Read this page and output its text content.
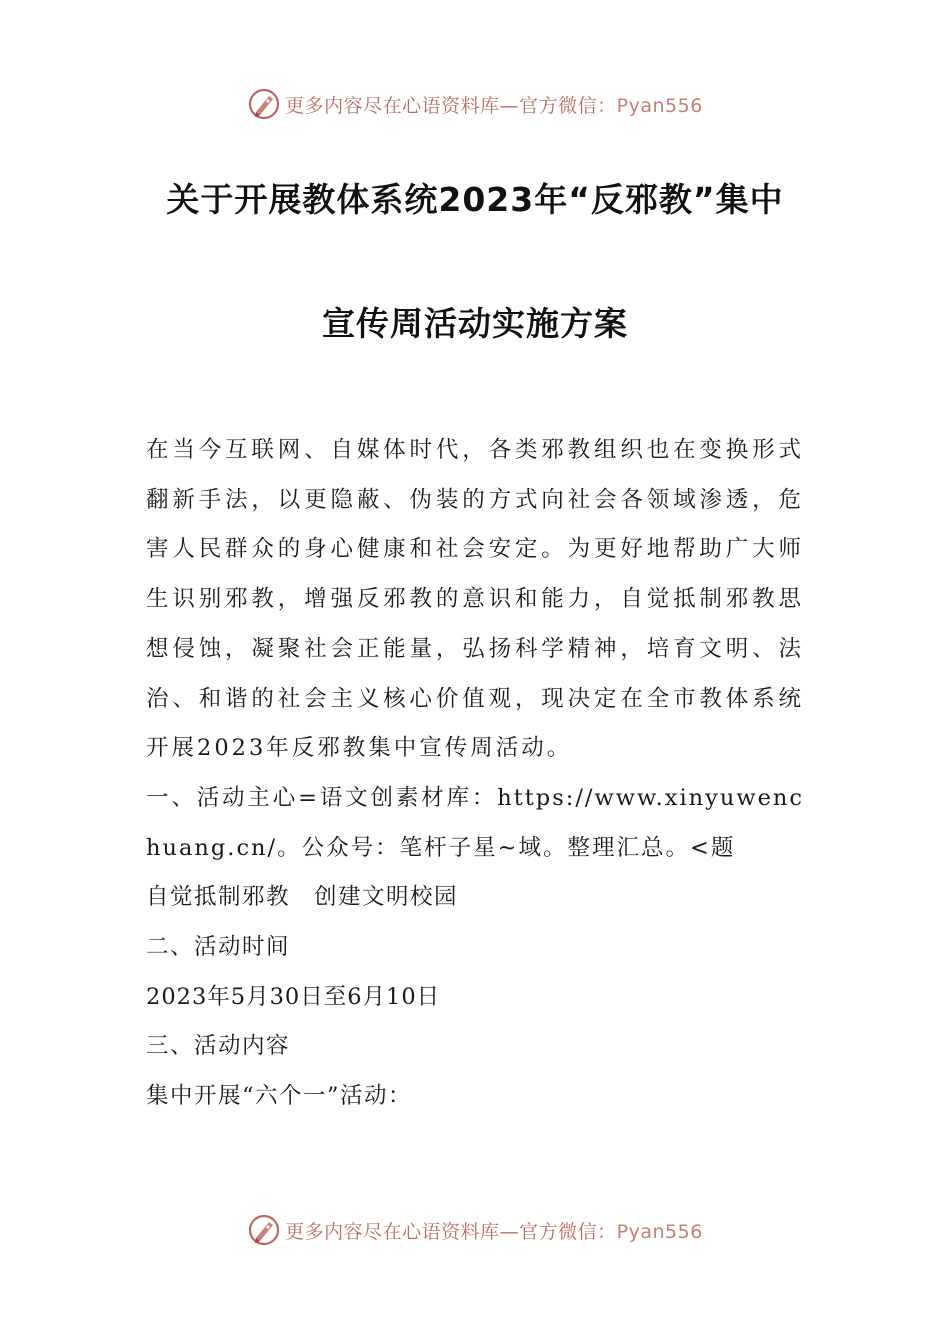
更多内容尽在心语资料库—官方微信：Pyan556
关于开展教体系统2023年“反邪教”集中
宣传周活动实施方案

在当今互联网、自媒体时代，各类邪教组织也在变换形式翻新手法，以更隐蔽、伪装的方式向社会各领域渗透，危害人民群众的身心健康和社会安定。为更好地帮助广大师生识别邪教，增强反邪教的意识和能力，自觉抵制邪教思想侵蚀，凝聚社会正能量，弘扬科学精神，培育文明、法治、和谐的社会主义核心价值观，现决定在全市教体系统开展2023年反邪教集中宣传周活动。

一、活动主心=语文创素材库：https://www.xinyuwenchuang.cn/。公众号：笔杆子星~域。整理汇总。<题

自觉抵制邪教　创建文明校园

二、活动时间

2023年5月30日至6月10日

三、活动内容

集中开展“六个一”活动：

更多内容尽在心语资料库—官方微信：Pyan556
